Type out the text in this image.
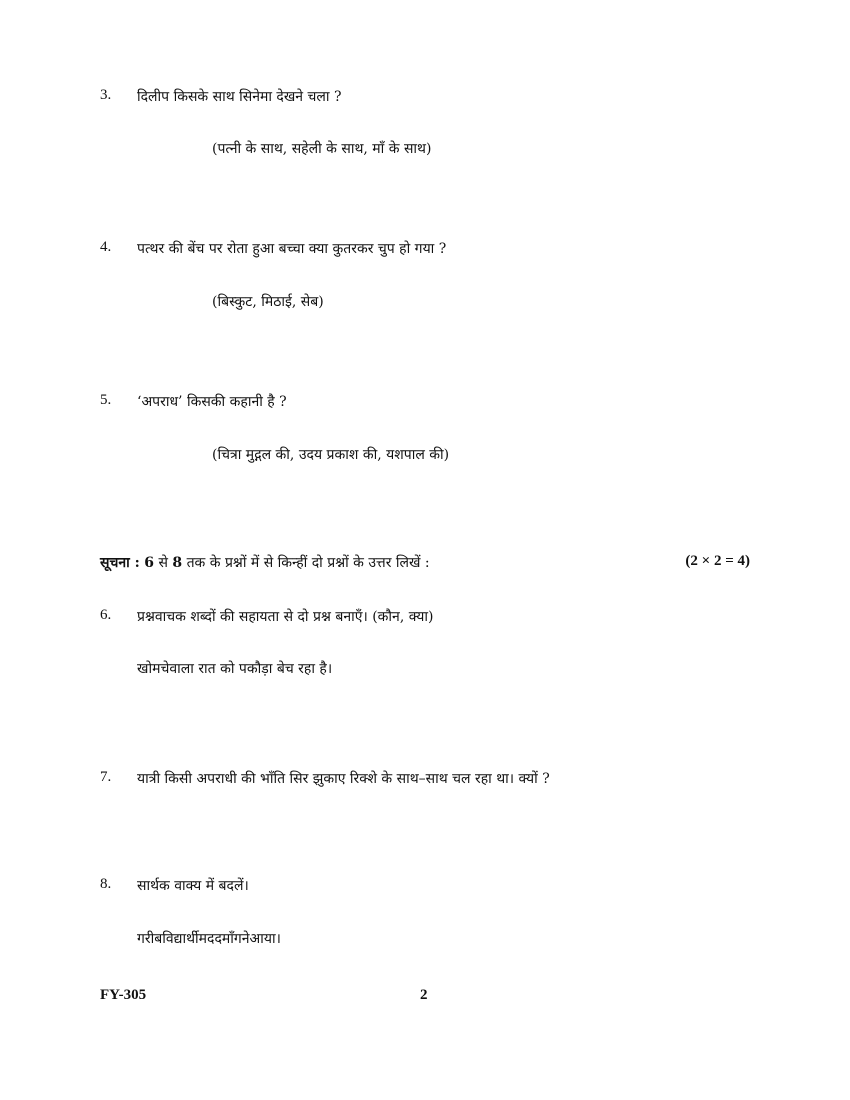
3. दिलीप किसके साथ सिनेमा देखने चला ?
(पत्नी के साथ, सहेली के साथ, माँ के साथ)
4. पत्थर की बेंच पर रोता हुआ बच्चा क्या कुतरकर चुप हो गया ?
(बिस्कुट, मिठाई, सेब)
5. ‘अपराध’ किसकी कहानी है ?
(चित्रा मुद्गल की, उदय प्रकाश की, यशपाल की)
सूचना : 6 से 8 तक के प्रश्नों में से किन्हीं दो प्रश्नों के उत्तर लिखें :	(2 × 2 = 4)
6. प्रश्नवाचक शब्दों की सहायता से दो प्रश्न बनाएँ। (कौन, क्या)
खोमचेवाला रात को पकौड़ा बेच रहा है।
7. यात्री किसी अपराधी की भाँति सिर झुकाए रिक्शे के साथ–साथ चल रहा था। क्यों ?
8. सार्थक वाक्य में बदलें।
गरीबविद्यार्थीमददमाँगनेआया।
FY-305	2
